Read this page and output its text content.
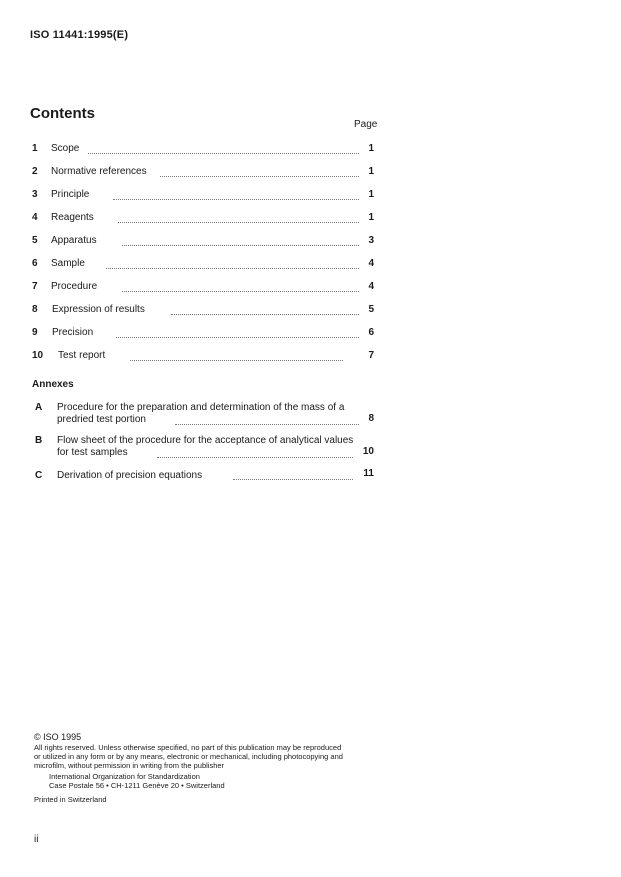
ISO 11441:1995(E)
Contents
Page
1 Scope	1
2 Normative references	1
3 Principle	1
4 Reagents	1
5 Apparatus	3
6 Sample	4
7 Procedure	4
8 Expression of results	5
9 Precision	6
10 Test report	7
Annexes
A Procedure for the preparation and determination of the mass of a
predried test portion	8
B Flow sheet of the procedure for the acceptance of analytical values
for test samples	10
C Derivation of precision equations	11
© ISO 1995
All rights reserved. Unless otherwise specified, no part of this publication may be reproduced
or utilized in any form or by any means, electronic or mechanical, including photocopying and
microfilm, without permission in writing from the publisher
International Organization for Standardization
Case Postale 56 • CH-1211 Genève 20 • Switzerland
Printed in Switzerland
ii
